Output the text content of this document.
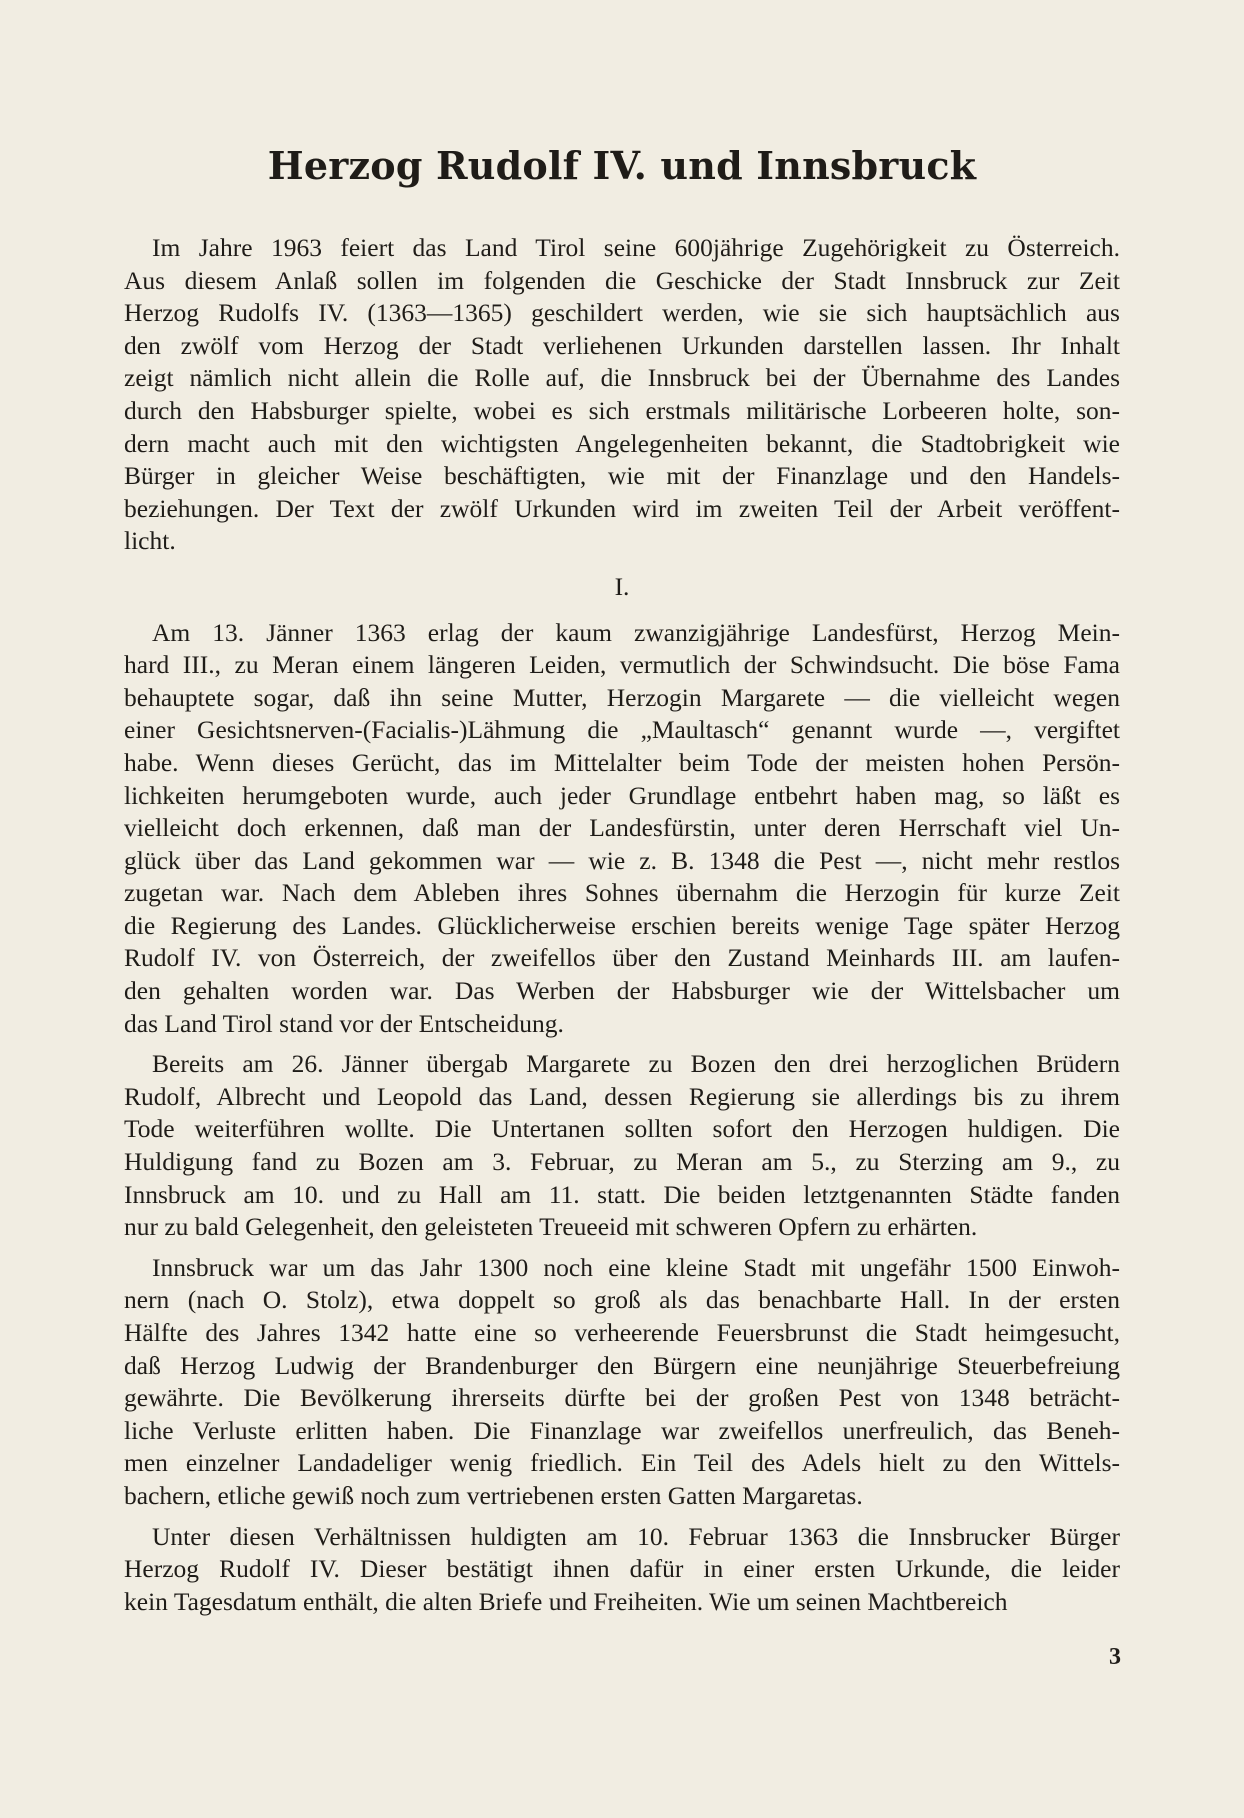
Herzog Rudolf IV. und Innsbruck

Im Jahre 1963 feiert das Land Tirol seine 600jährige Zugehörigkeit zu Österreich.
Aus diesem Anlaß sollen im folgenden die Geschicke der Stadt Innsbruck zur Zeit
Herzog Rudolfs IV. (1363—1365) geschildert werden, wie sie sich hauptsächlich aus
den zwölf vom Herzog der Stadt verliehenen Urkunden darstellen lassen. Ihr Inhalt
zeigt nämlich nicht allein die Rolle auf, die Innsbruck bei der Übernahme des Landes
durch den Habsburger spielte, wobei es sich erstmals militärische Lorbeeren holte, son-
dern macht auch mit den wichtigsten Angelegenheiten bekannt, die Stadtobrigkeit wie
Bürger in gleicher Weise beschäftigten, wie mit der Finanzlage und den Handels-
beziehungen. Der Text der zwölf Urkunden wird im zweiten Teil der Arbeit veröffent-
licht.

I.

Am 13. Jänner 1363 erlag der kaum zwanzigjährige Landesfürst, Herzog Mein-
hard III., zu Meran einem längeren Leiden, vermutlich der Schwindsucht. Die böse Fama
behauptete sogar, daß ihn seine Mutter, Herzogin Margarete — die vielleicht wegen
einer Gesichtsnerven-(Facialis-)Lähmung die „Maultasch“ genannt wurde —, vergiftet
habe. Wenn dieses Gerücht, das im Mittelalter beim Tode der meisten hohen Persön-
lichkeiten herumgeboten wurde, auch jeder Grundlage entbehrt haben mag, so läßt es
vielleicht doch erkennen, daß man der Landesfürstin, unter deren Herrschaft viel Un-
glück über das Land gekommen war — wie z. B. 1348 die Pest —, nicht mehr restlos
zugetan war. Nach dem Ableben ihres Sohnes übernahm die Herzogin für kurze Zeit
die Regierung des Landes. Glücklicherweise erschien bereits wenige Tage später Herzog
Rudolf IV. von Österreich, der zweifellos über den Zustand Meinhards III. am laufen-
den gehalten worden war. Das Werben der Habsburger wie der Wittelsbacher um
das Land Tirol stand vor der Entscheidung.

Bereits am 26. Jänner übergab Margarete zu Bozen den drei herzoglichen Brüdern
Rudolf, Albrecht und Leopold das Land, dessen Regierung sie allerdings bis zu ihrem
Tode weiterführen wollte. Die Untertanen sollten sofort den Herzogen huldigen. Die
Huldigung fand zu Bozen am 3. Februar, zu Meran am 5., zu Sterzing am 9., zu
Innsbruck am 10. und zu Hall am 11. statt. Die beiden letztgenannten Städte fanden
nur zu bald Gelegenheit, den geleisteten Treueeid mit schweren Opfern zu erhärten.

Innsbruck war um das Jahr 1300 noch eine kleine Stadt mit ungefähr 1500 Einwoh-
nern (nach O. Stolz), etwa doppelt so groß als das benachbarte Hall. In der ersten
Hälfte des Jahres 1342 hatte eine so verheerende Feuersbrunst die Stadt heimgesucht,
daß Herzog Ludwig der Brandenburger den Bürgern eine neunjährige Steuerbefreiung
gewährte. Die Bevölkerung ihrerseits dürfte bei der großen Pest von 1348 beträcht-
liche Verluste erlitten haben. Die Finanzlage war zweifellos unerfreulich, das Beneh-
men einzelner Landadeliger wenig friedlich. Ein Teil des Adels hielt zu den Wittels-
bachern, etliche gewiß noch zum vertriebenen ersten Gatten Margaretas.

Unter diesen Verhältnissen huldigten am 10. Februar 1363 die Innsbrucker Bürger
Herzog Rudolf IV. Dieser bestätigt ihnen dafür in einer ersten Urkunde, die leider
kein Tagesdatum enthält, die alten Briefe und Freiheiten. Wie um seinen Machtbereich

3
